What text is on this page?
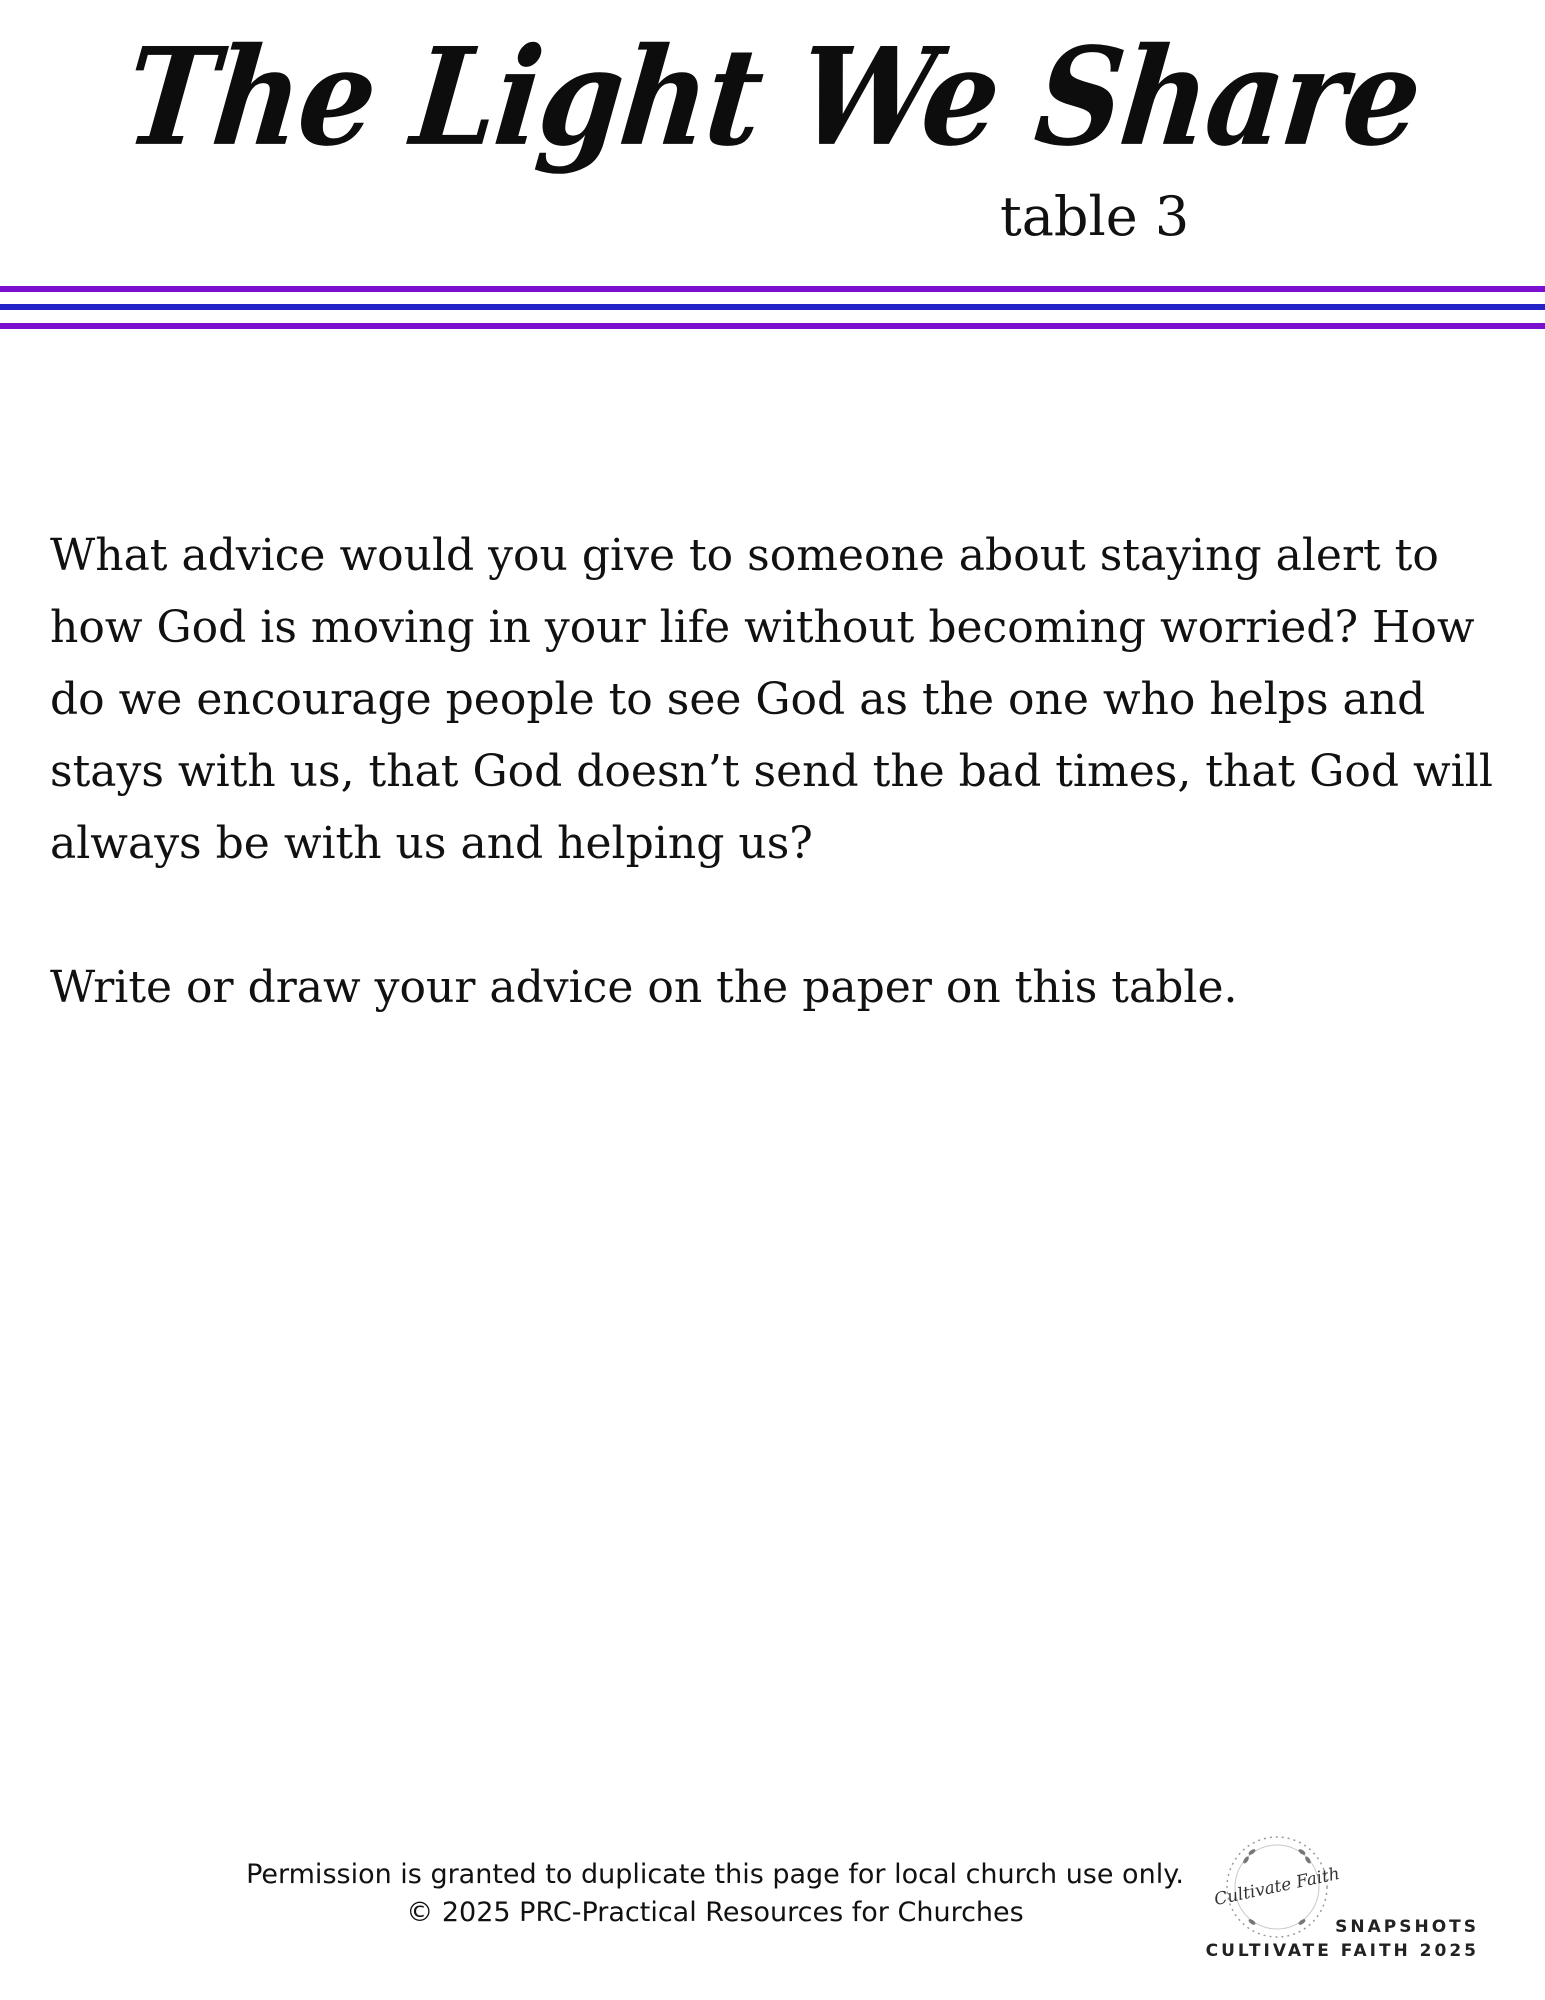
The Light We Share
table 3

What advice would you give to someone about staying alert to how God is moving in your life without becoming worried? How do we encourage people to see God as the one who helps and stays with us, that God doesn’t send the bad times, that God will always be with us and helping us?

Write or draw your advice on the paper on this table.

Permission is granted to duplicate this page for local church use only.
© 2025 PRC-Practical Resources for Churches
Cultivate Faith
SNAPSHOTS
CULTIVATE FAITH 2025
